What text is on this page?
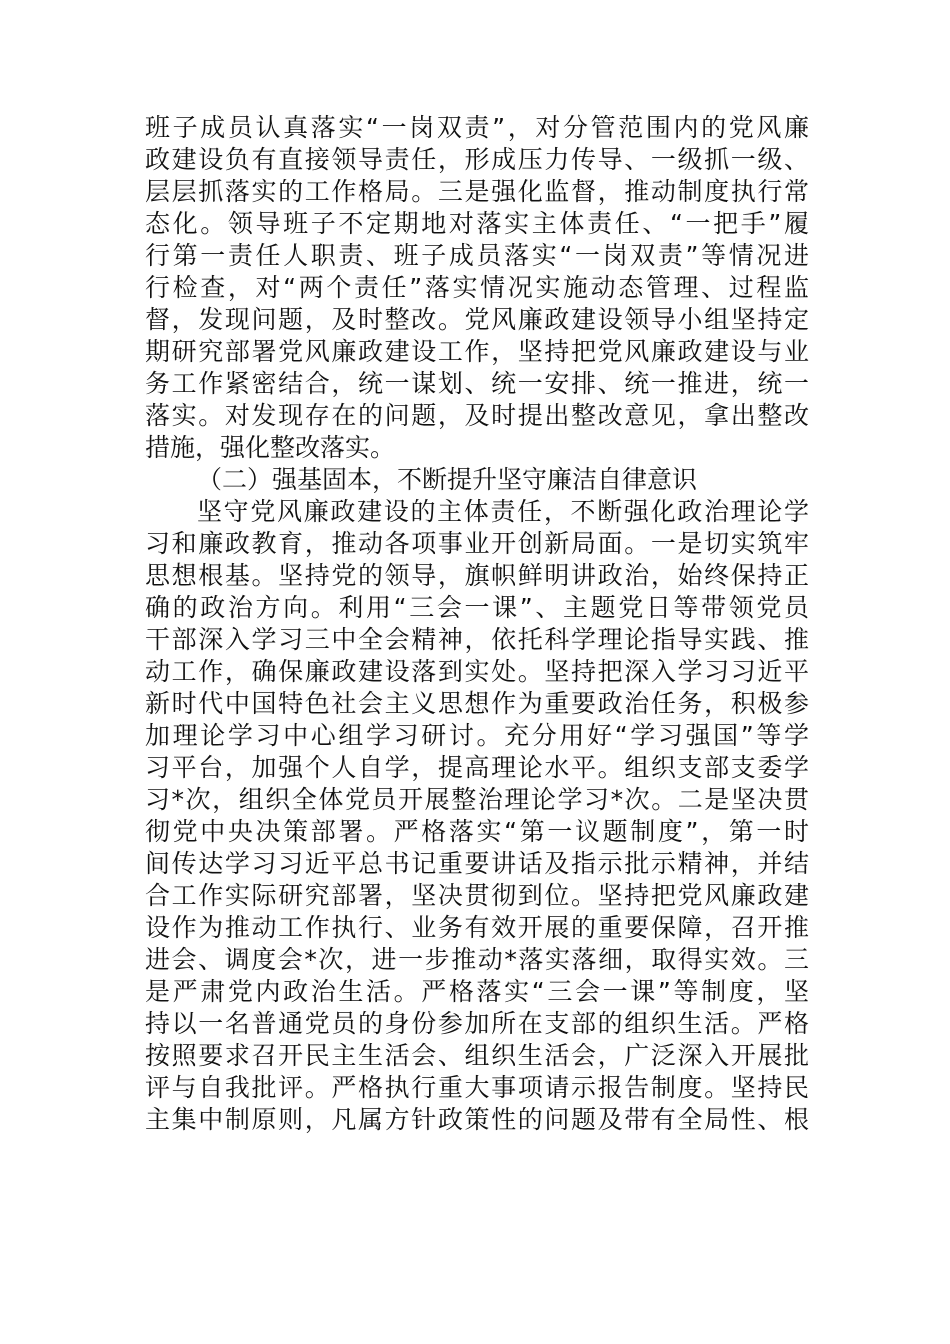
班子成员认真落实“一岗双责”，对分管范围内的党风廉

政建设负有直接领导责任，形成压力传导、一级抓一级、

层层抓落实的工作格局。三是强化监督，推动制度执行常

态化。领导班子不定期地对落实主体责任、“一把手”履

行第一责任人职责、班子成员落实“一岗双责”等情况进

行检查，对“两个责任”落实情况实施动态管理、过程监

督，发现问题，及时整改。党风廉政建设领导小组坚持定

期研究部署党风廉政建设工作，坚持把党风廉政建设与业

务工作紧密结合，统一谋划、统一安排、统一推进，统一

落实。对发现存在的问题，及时提出整改意见，拿出整改

措施，强化整改落实。

（二）强基固本，不断提升坚守廉洁自律意识

坚守党风廉政建设的主体责任，不断强化政治理论学

习和廉政教育，推动各项事业开创新局面。一是切实筑牢

思想根基。坚持党的领导，旗帜鲜明讲政治，始终保持正

确的政治方向。利用“三会一课”、主题党日等带领党员

干部深入学习三中全会精神，依托科学理论指导实践、推

动工作，确保廉政建设落到实处。坚持把深入学习习近平

新时代中国特色社会主义思想作为重要政治任务，积极参

加理论学习中心组学习研讨。充分用好“学习强国”等学

习平台，加强个人自学，提高理论水平。组织支部支委学

习*次，组织全体党员开展整治理论学习*次。二是坚决贯

彻党中央决策部署。严格落实“第一议题制度”，第一时

间传达学习习近平总书记重要讲话及指示批示精神，并结

合工作实际研究部署，坚决贯彻到位。坚持把党风廉政建

设作为推动工作执行、业务有效开展的重要保障，召开推

进会、调度会*次，进一步推动*落实落细，取得实效。三

是严肃党内政治生活。严格落实“三会一课”等制度，坚

持以一名普通党员的身份参加所在支部的组织生活。严格

按照要求召开民主生活会、组织生活会，广泛深入开展批

评与自我批评。严格执行重大事项请示报告制度。坚持民

主集中制原则，凡属方针政策性的问题及带有全局性、根
